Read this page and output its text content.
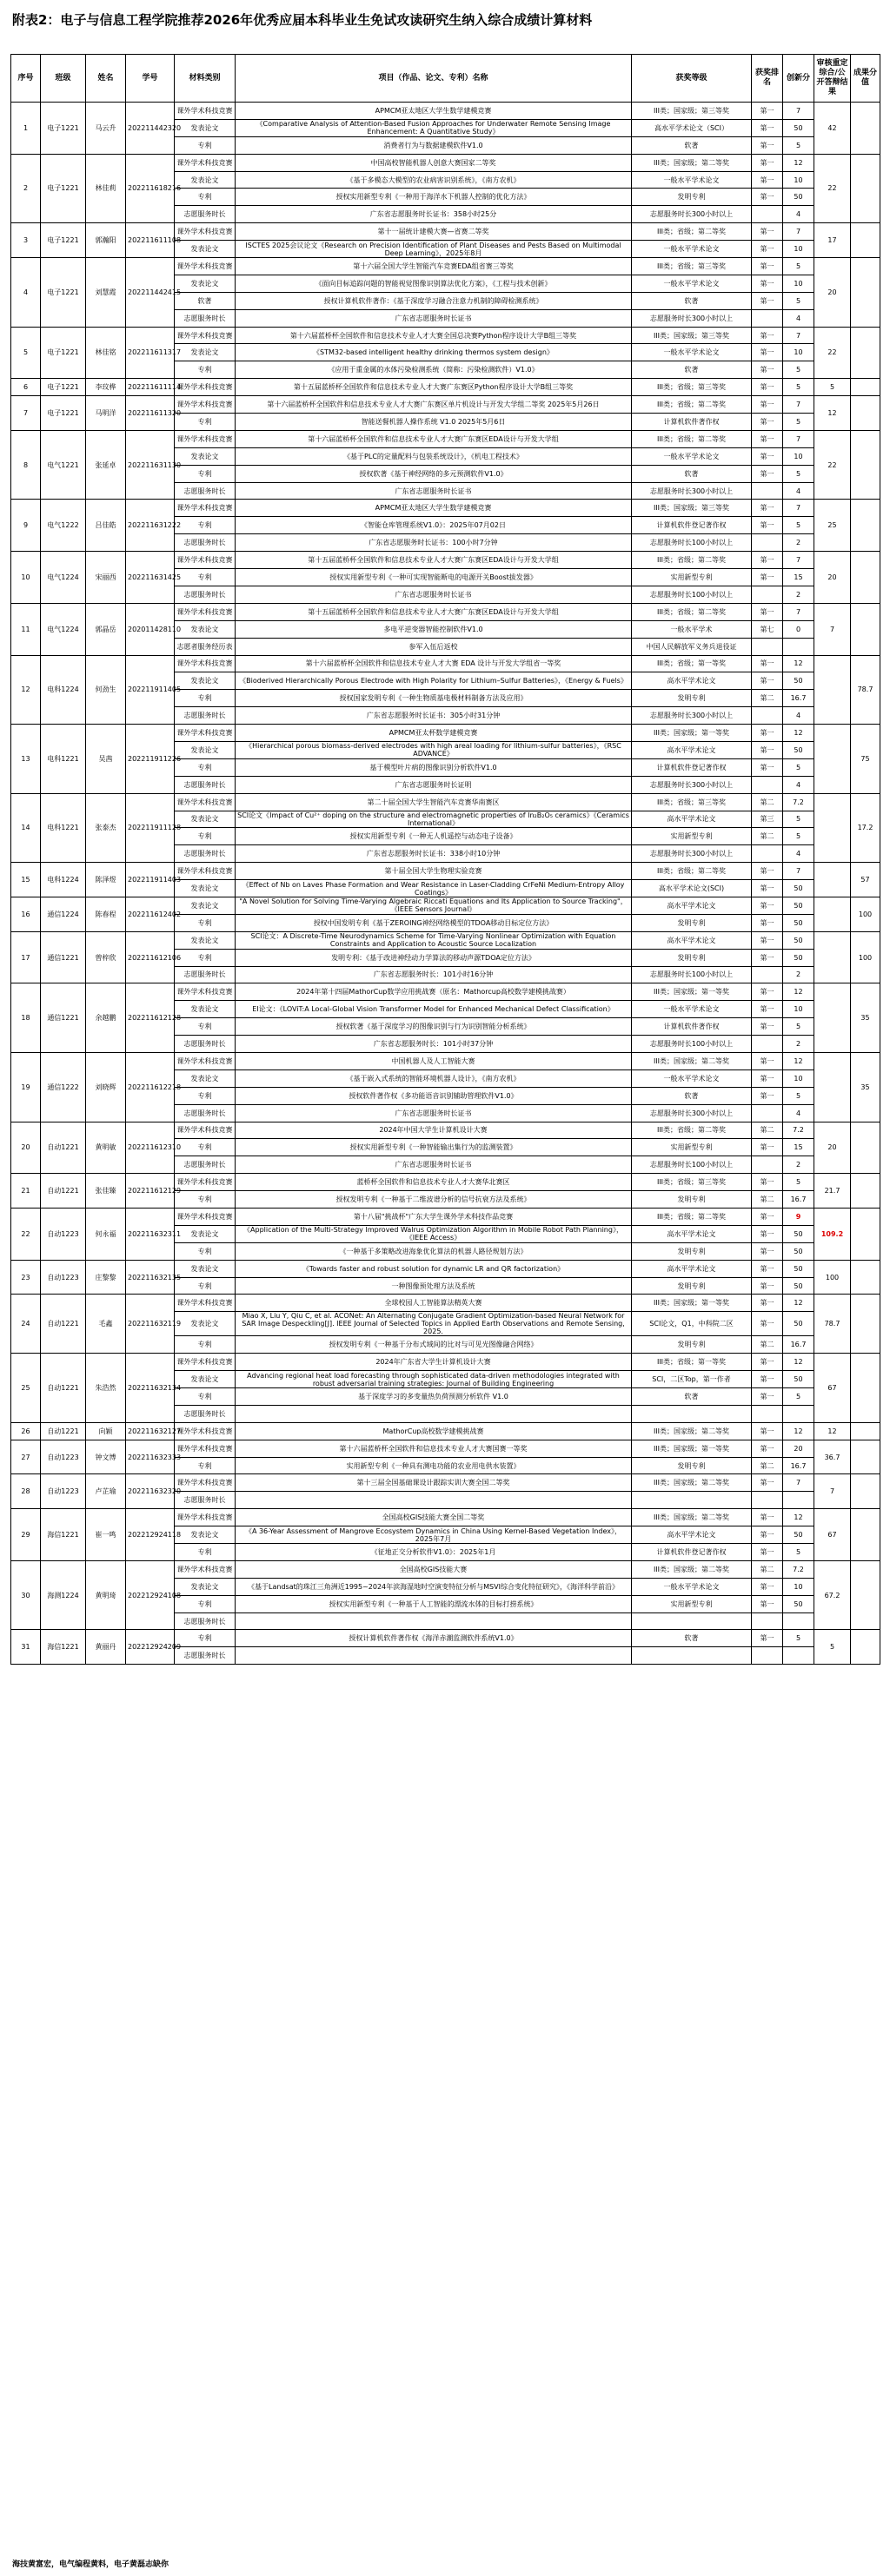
附表2：电子与信息工程学院推荐2026年优秀应届本科毕业生免试攻读研究生纳入综合成绩计算材料
序号	班级	姓名	学号	材料类别	项目（作品、论文、专利）名称	获奖等级	获奖排名	创新分	审核重定综合/公开答辩结果	成果分值
1	电子1221	马云升	202211442320	课外学术科技竞赛	APMCM亚太地区大学生数学建模竞赛	III类；国家级；第三等奖	第一	7	42	
				发表论文	《Comparative Analysis of Attention-Based Fusion Approaches for Underwater Remote Sensing Image Enhancement: A Quantitative Study》	高水平学术论文（SCI）	第一	50		
				专利	消费者行为与数据建模软件V1.0	软著	第一	5		
2	电子1221	林佳莉	202211618216	课外学术科技竞赛	中国高校智能机器人创意大赛国家二等奖	III类；国家级；第二等奖	第一	12	22	
				发表论文	《基于多模态大模型的农业病害识别系统》，《南方农机》	一般水平学术论文	第一	10		
				专利	授权实用新型专利《一种用于海洋水下机器人控制的优化方法》	发明专利	第一	50		
				志愿服务时长	广东省志愿服务时长证书：358小时25分	志愿服务时长300小时以上		4		
3	电子1221	郭瀚阳	202211611108	课外学术科技竞赛	第十一届统计建模大赛—省赛二等奖	III类；省级；第二等奖	第一	7	17	
				发表论文	ISCTES 2025会议论文《Research on Precision Identification of Plant Diseases and Pests Based on Multimodal Deep Learning》，2025年8月	一般水平学术论文	第一	10		
4	电子1221	刘慧霞	202211442415	课外学术科技竞赛	第十六届全国大学生智能汽车竞赛EDA组省赛三等奖	III类；省级；第三等奖	第一	5	20	
				发表论文	《面向目标追踪问题的智能视觉图像识别算法优化方案》，《工程与技术创新》	一般水平学术论文	第一	10		
				软著	授权计算机软件著作：《基于深度学习融合注意力机制的障碍检测系统》	软著	第一	5		
				志愿服务时长	广东省志愿服务时长证书	志愿服务时长300小时以上		4		
5	电子1221	林佳铭	202211611317	课外学术科技竞赛	第十六届蓝桥杯全国软件和信息技术专业人才大赛全国总决赛Python程序设计大学B组三等奖	III类；国家级；第三等奖	第一	7	22	
				发表论文	《STM32-based intelligent healthy drinking thermos system design》	一般水平学术论文	第一	10		
				专利	《应用于重金属的水体污染检测系统（简称：污染检测软件）V1.0》	软著	第一	5		
6	电子1221	李玟桦	202211611114	课外学术科技竞赛	第十五届蓝桥杯全国软件和信息技术专业人才大赛广东赛区Python程序设计大学B组三等奖	III类；省级；第三等奖	第一	5	5	
7	电子1221	马明洋	202211611320	课外学术科技竞赛	第十六届蓝桥杯全国软件和信息技术专业人才大赛广东赛区单片机设计与开发大学组二等奖 2025年5月26日	III类；省级；第二等奖	第一	7	12	
				专利	智能送餐机器人操作系统 V1.0 2025年5月6日	计算机软件著作权	第一	5		
8	电气1221	张延卓	202211631130	课外学术科技竞赛	第十六届蓝桥杯全国软件和信息技术专业人才大赛广东赛区EDA设计与开发大学组	III类；省级；第二等奖	第一	7	22	
				发表论文	《基于PLC的定量配料与包装系统设计》，《机电工程技术》	一般水平学术论文	第一	10		
				专利	授权软著《基于神经网络的多元预测软件V1.0》	软著	第一	5		
				志愿服务时长	广东省志愿服务时长证书	志愿服务时长300小时以上		4		
9	电气1222	吕佳皓	202211631222	课外学术科技竞赛	APMCM亚太地区大学生数学建模竞赛	III类；国家级；第三等奖	第一	7	25	
				专利	《智能仓库管理系统V1.0》：2025年07月02日	计算机软件登记著作权	第一	5		
				志愿服务时长	广东省志愿服务时长证书：100小时7分钟	志愿服务时长100小时以上		2		
10	电气1224	宋丽西	202211631425	课外学术科技竞赛	第十五届蓝桥杯全国软件和信息技术专业人才大赛广东赛区EDA设计与开发大学组	III类；省级；第二等奖	第一	7	20	
				专利	授权实用新型专利《一种可实现智能断电的电源开关Boost拔发器》	实用新型专利	第一	15		
				志愿服务时长	广东省志愿服务时长证书	志愿服务时长100小时以上		2		
11	电气1224	郭晶岳	202011428110	课外学术科技竞赛	第十五届蓝桥杯全国软件和信息技术专业人才大赛广东赛区EDA设计与开发大学组	III类；省级；第二等奖	第一	7	7	
				发表论文	多电平逆变器智能控制软件V1.0	一般水平学术	第七	0		
				志愿者服务经历表	参军入伍后返校	中国人民解放军义务兵退役证				
12	电科1224	何劲生	202211911405	课外学术科技竞赛	第十六届蓝桥杯全国软件和信息技术专业人才大赛 EDA 设计与开发大学组省一等奖	III类；省级；第一等奖	第一	12		78.7
				发表论文	《Bioderived Hierarchically Porous Electrode with High Polarity for Lithium–Sulfur Batteries》，《Energy & Fuels》	高水平学术论文	第一	50		
				专利	授权国家发明专利《一种生物质基电极材料制备方法及应用》	发明专利	第二	16.7		
				志愿服务时长	广东省志愿服务时长证书：305小时31分钟	志愿服务时长300小时以上		4		
13	电科1221	吴茜	202211911226	课外学术科技竞赛	APMCM亚太杯数学建模竞赛	III类；国家级；第一等奖	第一	12		75
				发表论文	《Hierarchical porous biomass-derived electrodes with high areal loading for lithium-sulfur batteries》，《RSC ADVANCE》	高水平学术论文	第一	50		
				专利	基于模型叶片病的图像识别分析软件V1.0	计算机软件登记著作权	第一	5		
				志愿服务时长	广东省志愿服务时长证明	志愿服务时长300小时以上		4		
14	电科1221	张泰杰	202211911128	课外学术科技竞赛	第二十届全国大学生智能汽车竞赛华南赛区	III类；省级；第三等奖	第二	7.2		17.2
				发表论文	SCI论文《Impact of Cu²⁺ doping on the structure and electromagnetic properties of In₂B₂O₅ ceramics》《Ceramics International》	高水平学术论文	第三	5		
				专利	授权实用新型专利《一种无人机遥控与动态电子设备》	实用新型专利	第二	5		
				志愿服务时长	广东省志愿服务时长证书：338小时10分钟	志愿服务时长300小时以上		4		
15	电科1224	陈泽煜	202211911403	课外学术科技竞赛	第十届全国大学生物理实验竞赛	III类；省级；第二等奖	第一	7		57
				发表论文	《Effect of Nb on Laves Phase Formation and Wear Resistance in Laser-Cladding CrFeNi Medium-Entropy Alloy Coatings》	高水平学术论文(SCI)	第一	50		
16	通信1224	陈春程	202211612402	发表论文	"A Novel Solution for Solving Time-Varying Algebraic Riccati Equations and Its Application to Source Tracking"，《IEEE Sensors Journal》	高水平学术论文	第一	50		100
				专利	授权中国发明专利《基于ZEROING神经网络模型的TDOA移动目标定位方法》	发明专利	第一	50		
17	通信1221	曾梓欣	202211612106	发表论文	SCI论文：A Discrete-Time Neurodynamics Scheme for Time-Varying Nonlinear Optimization with Equation Constraints and Application to Acoustic Source Localization	高水平学术论文	第一	50		100
				专利	发明专利：《基于改进神经动力学算法的移动声源TDOA定位方法》	发明专利	第一	50		
				志愿服务时长	广东省志愿服务时长：101小时16分钟	志愿服务时长100小时以上		2		
18	通信1221	余越鹏	202211612128	课外学术科技竞赛	2024年第十四届MathorCup数学应用挑战赛（原名：Mathorcup高校数学建模挑战赛）	III类；国家级；第一等奖	第一	12		35
				发表论文	EI论文：《LOViT:A Local-Global Vision Transformer Model for Enhanced Mechanical Defect Classification》	一般水平学术论文	第一	10		
				专利	授权软著《基于深度学习的图像识别与行为识别智能分析系统》	计算机软件著作权	第一	5		
				志愿服务时长	广东省志愿服务时长：101小时37分钟	志愿服务时长100小时以上		2		
19	通信1222	刘晓辉	202211612218	课外学术科技竞赛	中国机器人及人工智能大赛	III类；国家级；第二等奖	第一	12		35
				发表论文	《基于嵌入式系统的智能环境机器人设计》，《南方农机》	一般水平学术论文	第一	10		
				专利	授权软件著作权《多功能语音识别辅助管理软件V1.0》	软著	第一	5		
				志愿服务时长	广东省志愿服务时长证书	志愿服务时长300小时以上		4		
20	自动1221	黄明敏	202211612310	课外学术科技竞赛	2024年中国大学生计算机设计大赛	III类；省级；第二等奖	第二	7.2	20	
				专利	授权实用新型专利《一种智能输出集行为的监测装置》	实用新型专利	第一	15		
				志愿服务时长	广东省志愿服务时长证书	志愿服务时长100小时以上		2		
21	自动1221	张佳臻	202211612129	课外学术科技竞赛	蓝桥杯全国软件和信息技术专业人才大赛华北赛区	III类；省级；第三等奖	第一	5	21.7	
				专利	授权发明专利《一种基于二维波谱分析的信号抗衰方法及系统》	发明专利	第二	16.7		
22	自动1223	何永福	202211632311	课外学术科技竞赛	第十八届"挑战杯"广东大学生课外学术科技作品竞赛	III类；省级；第二等奖	第一	9	109.2	
				发表论文	《Application of the Multi-Strategy Improved Walrus Optimization Algorithm in Mobile Robot Path Planning》，《IEEE Access》	高水平学术论文	第一	50		
				专利	《一种基于多策略改进海象优化算法的机器人路径规划方法》	发明专利	第一	50		
23	自动1223	庄黎黎	202211632135	发表论文	《Towards faster and robust solution for dynamic LR and QR factorization》	高水平学术论文	第一	50	100	
				专利	一种图像预处理方法及系统	发明专利	第一	50		
24	自动1221	毛鑫	202211632119	课外学术科技竞赛	全球校园人工智能算法精英大赛	III类；国家级；第一等奖	第一	12	78.7	
				发表论文	Miao X, Liu Y, Qiu C, et al. ACONet: An Alternating Conjugate Gradient Optimization-based Neural Network for SAR Image Despeckling[J]. IEEE Journal of Selected Topics in Applied Earth Observations and Remote Sensing, 2025.	SCI论文，Q1，中科院二区	第一	50		
				专利	授权发明专利《一种基于分布式域间的比对与可见光图像融合网络》	发明专利	第二	16.7		
25	自动1221	朱浩然	202211632134	课外学术科技竞赛	2024年广东省大学生计算机设计大赛	III类；省级；第一等奖	第一	12	67	
				发表论文	Advancing regional heat load forecasting through sophisticated data-driven methodologies integrated with robust adversarial training strategies: Journal of Building Engineering	SCI，二区Top，第一作者	第一	50		
				专利	基于深度学习的多变量热负荷预测分析软件 V1.0	软著	第一	5		
				志愿服务时长						
26	自动1221	向颖	202211632127	课外学术科技竞赛	MathorCup高校数学建模挑战赛	III类；国家级；第二等奖	第一	12	12	
27	自动1223	钟文博	202211632333	课外学术科技竞赛	第十六届蓝桥杯全国软件和信息技术专业人才大赛国赛一等奖	III类；国家级；第一等奖	第一	20	36.7	
				专利	实用新型专利《一种具有测电功能的农业用电供水装置》	发明专利	第二	16.7		
28	自动1223	卢芷瑜	202211632320	课外学术科技竞赛	第十三届全国基础课设计跟踪实训大赛全国二等奖	III类；国家级；第二等奖	第一	7	7	
				志愿服务时长						
29	海信1221	崔一鸣	202212924118	课外学术科技竞赛	全国高校GIS技能大赛全国二等奖	III类；国家级；第二等奖	第一	12	67	
				发表论文	《A 36-Year Assessment of Mangrove Ecosystem Dynamics in China Using Kernel-Based Vegetation Index》，2025年7月	高水平学术论文	第一	50		
				专利	《征地正交分析软件V1.0》：2025年1月	计算机软件登记著作权	第一	5		
30	海测1224	黄明琦	202212924108	课外学术科技竞赛	全国高校GIS技能大赛	III类；国家级；第二等奖	第二	7.2	67.2	
				发表论文	《基于Landsat的珠江三角洲近1995~2024年滨海湿地时空演变特征分析与MSVI综合变化特征研究》，《海洋科学前沿》	一般水平学术论文	第一	10		
				专利	授权实用新型专利《一种基于人工智能的漂流水体的目标打捞系统》	实用新型专利	第一	50		
				志愿服务时长						
31	海信1221	黄丽丹	202212924209	专利	授权计算机软件著作权《海洋赤潮监测软件系统V1.0》	软著	第一	5	5	
				志愿服务时长						
海技黄富宏，电气编程黄料，电子黄磊志缺你
